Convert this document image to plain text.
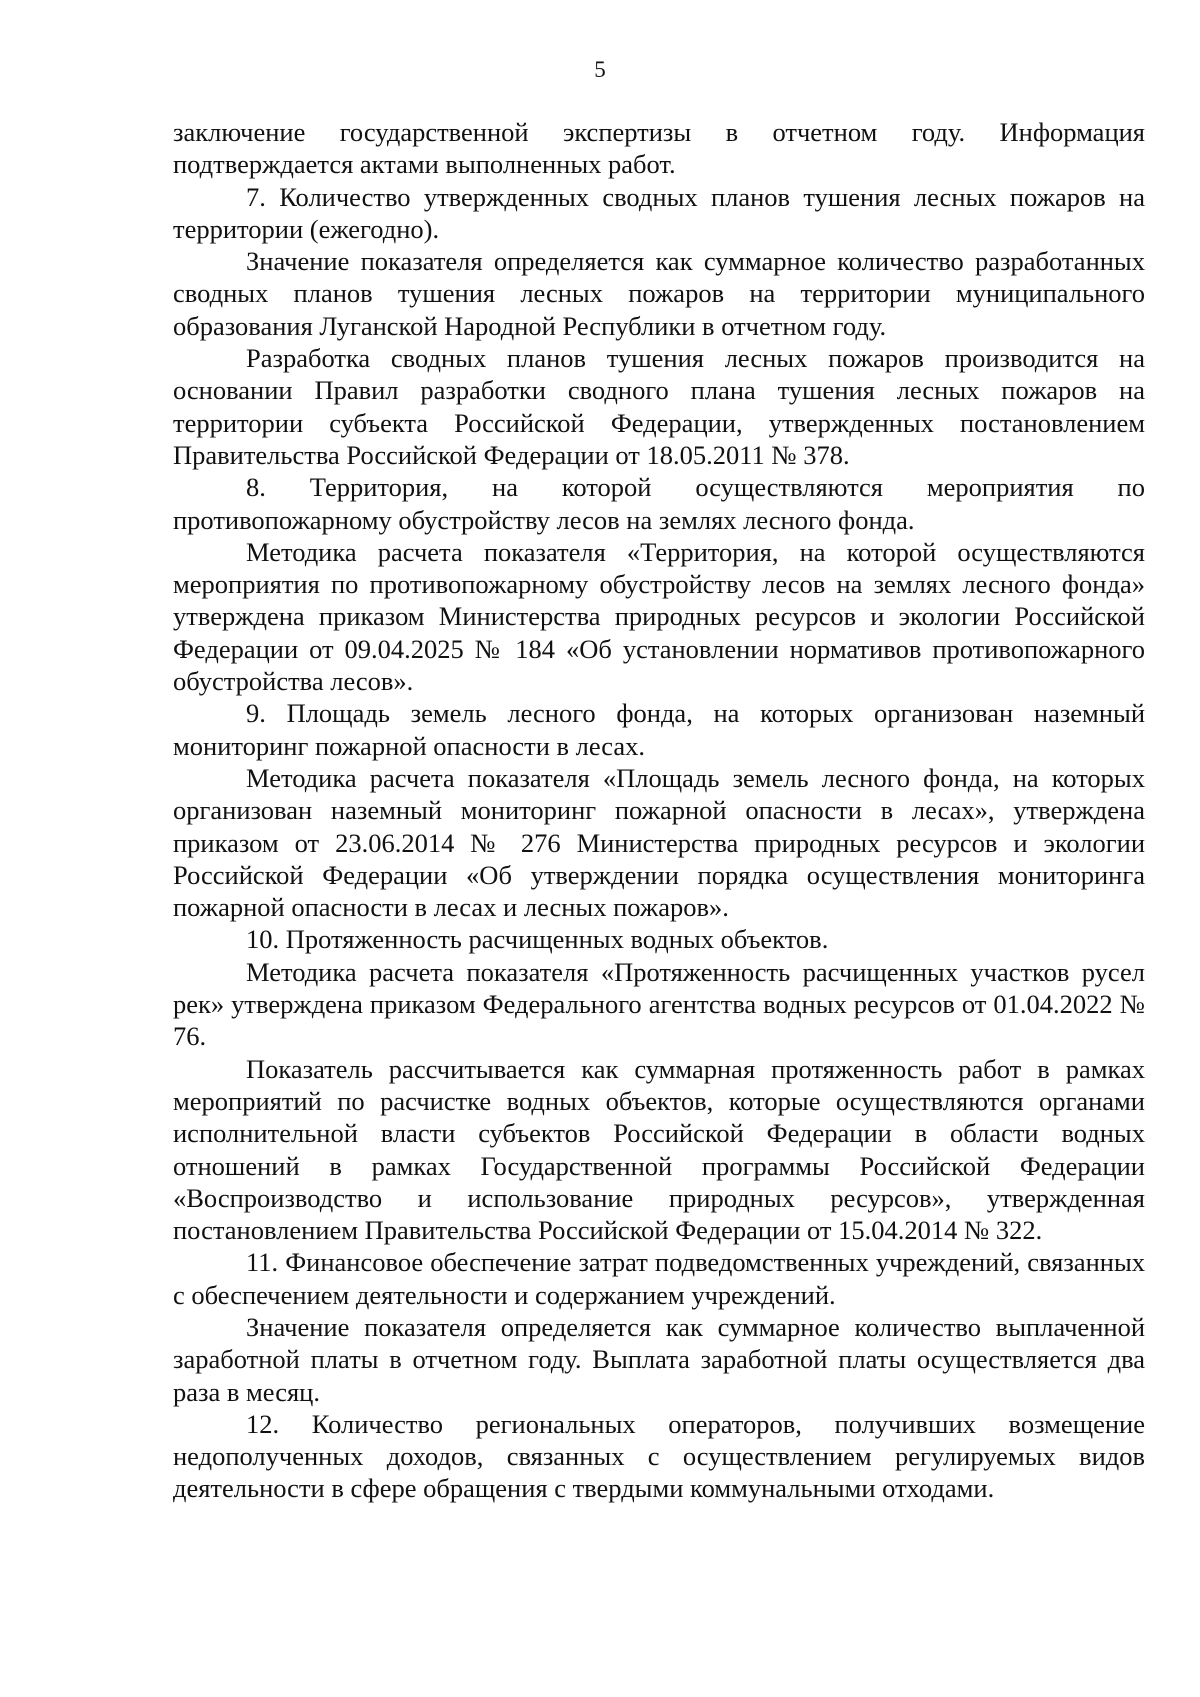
5

заключение государственной экспертизы в отчетном году. Информация подтверждается актами выполненных работ.

7. Количество утвержденных сводных планов тушения лесных пожаров на территории (ежегодно).

Значение показателя определяется как суммарное количество разработанных сводных планов тушения лесных пожаров на территории муниципального образования Луганской Народной Республики в отчетном году.

Разработка сводных планов тушения лесных пожаров производится на основании Правил разработки сводного плана тушения лесных пожаров на территории субъекта Российской Федерации, утвержденных постановлением Правительства Российской Федерации от 18.05.2011 № 378.

8. Территория, на которой осуществляются мероприятия по противопожарному обустройству лесов на землях лесного фонда.

Методика расчета показателя «Территория, на которой осуществляются мероприятия по противопожарному обустройству лесов на землях лесного фонда» утверждена приказом Министерства природных ресурсов и экологии Российской Федерации от 09.04.2025 № 184 «Об установлении нормативов противопожарного обустройства лесов».

9. Площадь земель лесного фонда, на которых организован наземный мониторинг пожарной опасности в лесах.

Методика расчета показателя «Площадь земель лесного фонда, на которых организован наземный мониторинг пожарной опасности в лесах», утверждена приказом от 23.06.2014 № 276 Министерства природных ресурсов и экологии Российской Федерации «Об утверждении порядка осуществления мониторинга пожарной опасности в лесах и лесных пожаров».

10. Протяженность расчищенных водных объектов.

Методика расчета показателя «Протяженность расчищенных участков русел рек» утверждена приказом Федерального агентства водных ресурсов от 01.04.2022 № 76.

Показатель рассчитывается как суммарная протяженность работ в рамках мероприятий по расчистке водных объектов, которые осуществляются органами исполнительной власти субъектов Российской Федерации в области водных отношений в рамках Государственной программы Российской Федерации «Воспроизводство и использование природных ресурсов», утвержденная постановлением Правительства Российской Федерации от 15.04.2014 № 322.

11. Финансовое обеспечение затрат подведомственных учреждений, связанных с обеспечением деятельности и содержанием учреждений.

Значение показателя определяется как суммарное количество выплаченной заработной платы в отчетном году. Выплата заработной платы осуществляется два раза в месяц.

12. Количество региональных операторов, получивших возмещение недополученных доходов, связанных с осуществлением регулируемых видов деятельности в сфере обращения с твердыми коммунальными отходами.
